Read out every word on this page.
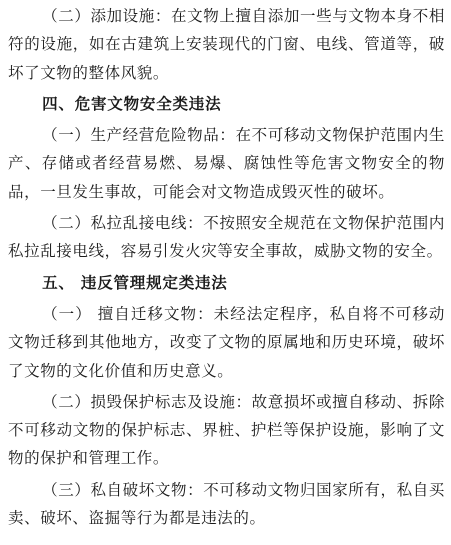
（二）添加设施：在文物上擅自添加一些与文物本身不相符的设施，如在古建筑上安装现代的门窗、电线、管道等，破坏了文物的整体风貌。

四、危害文物安全类违法

（一）生产经营危险物品：在不可移动文物保护范围内生产、存储或者经营易燃、易爆、腐蚀性等危害文物安全的物品，一旦发生事故，可能会对文物造成毁灭性的破坏。

（二）私拉乱接电线：不按照安全规范在文物保护范围内私拉乱接电线，容易引发火灾等安全事故，威胁文物的安全。

五、 违反管理规定类违法

（一） 擅自迁移文物：未经法定程序，私自将不可移动文物迁移到其他地方，改变了文物的原属地和历史环境，破坏了文物的文化价值和历史意义。

（二）损毁保护标志及设施：故意损坏或擅自移动、拆除不可移动文物的保护标志、界桩、护栏等保护设施，影响了文物的保护和管理工作。

（三）私自破坏文物：不可移动文物归国家所有，私自买卖、破坏、盗掘等行为都是违法的。
